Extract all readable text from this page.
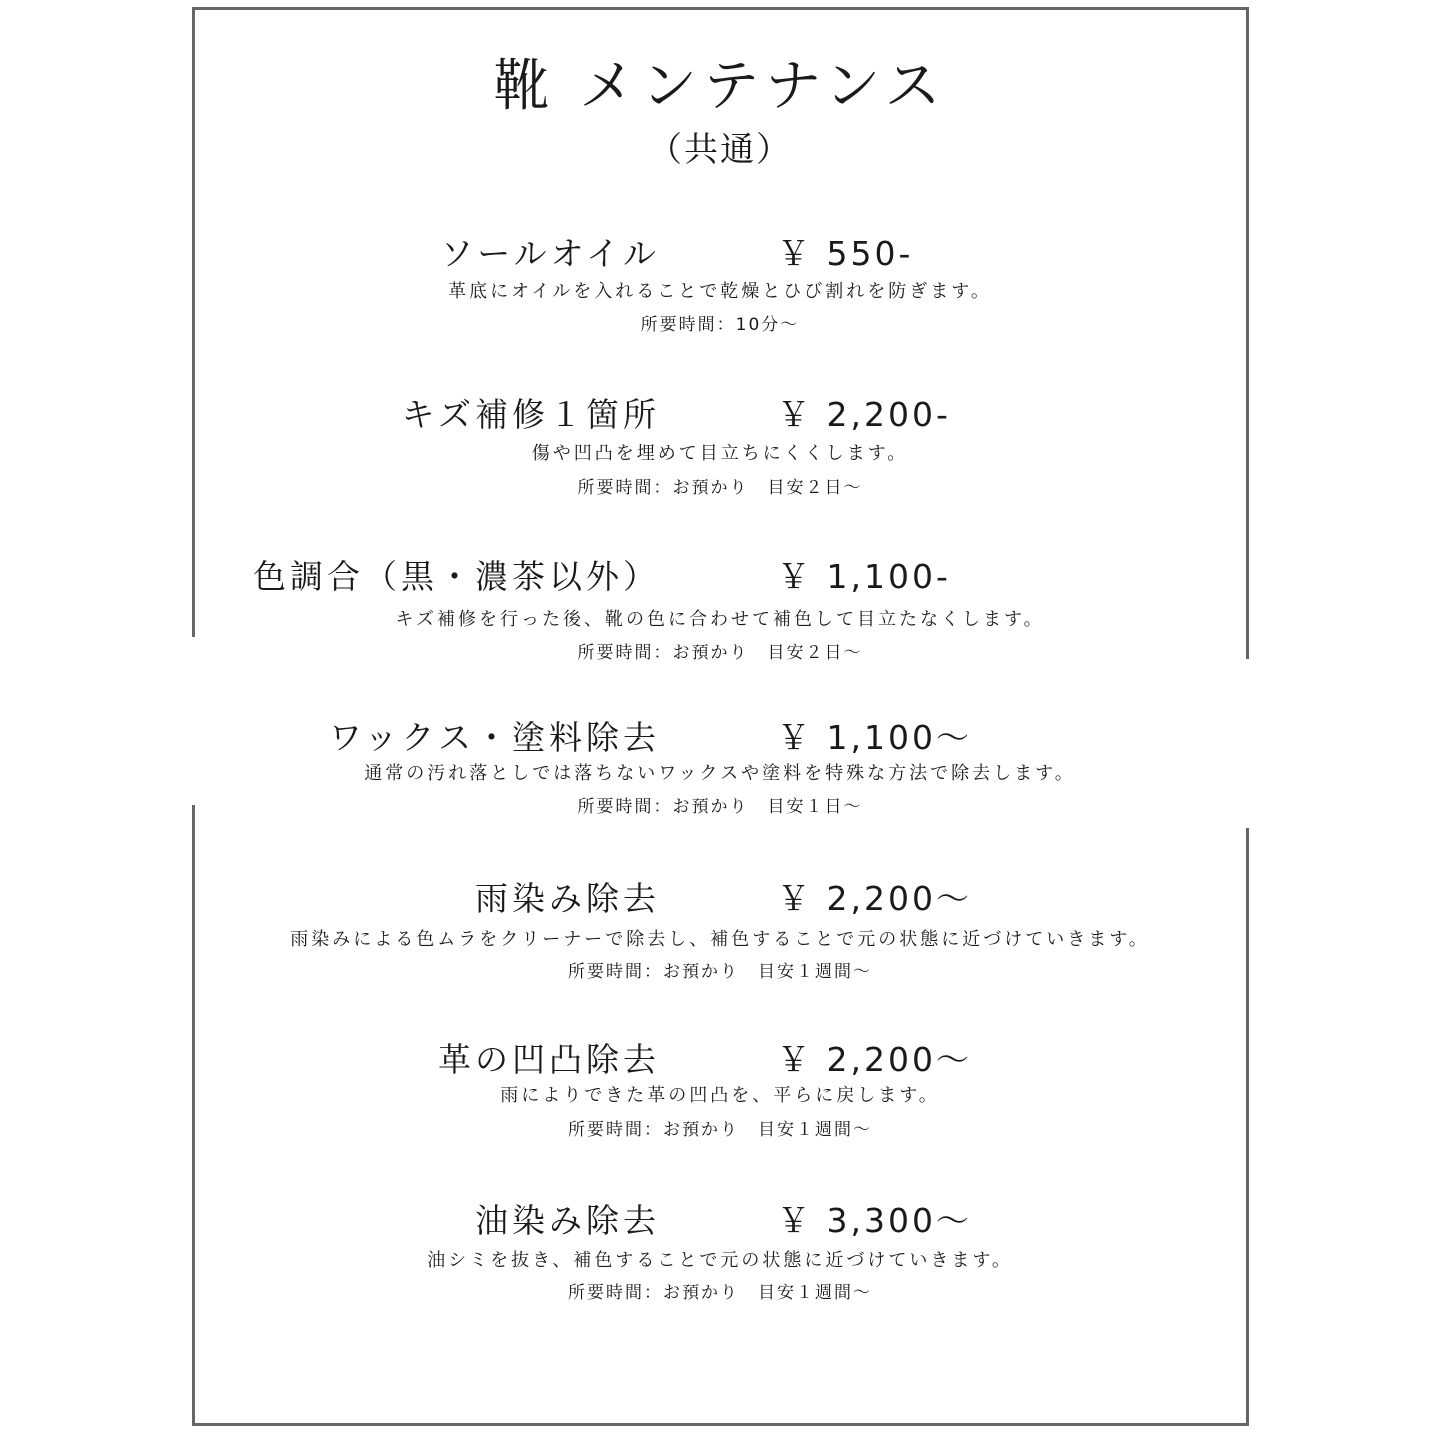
靴 メンテナンス
（共通）
ソールオイル	￥ 550-
革底にオイルを入れることで乾燥とひび割れを防ぎます。
所要時間：10分～
キズ補修１箇所	￥ 2,200-
傷や凹凸を埋めて目立ちにくくします。
所要時間：お預かり　目安２日～
色調合（黒・濃茶以外）	￥ 1,100-
キズ補修を行った後、靴の色に合わせて補色して目立たなくします。
所要時間：お預かり　目安２日～
ワックス・塗料除去	￥ 1,100～
通常の汚れ落としでは落ちないワックスや塗料を特殊な方法で除去します。
所要時間：お預かり　目安１日～
雨染み除去	￥ 2,200～
雨染みによる色ムラをクリーナーで除去し、補色することで元の状態に近づけていきます。
所要時間：お預かり　目安１週間～
革の凹凸除去	￥ 2,200～
雨によりできた革の凹凸を、平らに戻します。
所要時間：お預かり　目安１週間～
油染み除去	￥ 3,300～
油シミを抜き、補色することで元の状態に近づけていきます。
所要時間：お預かり　目安１週間～
